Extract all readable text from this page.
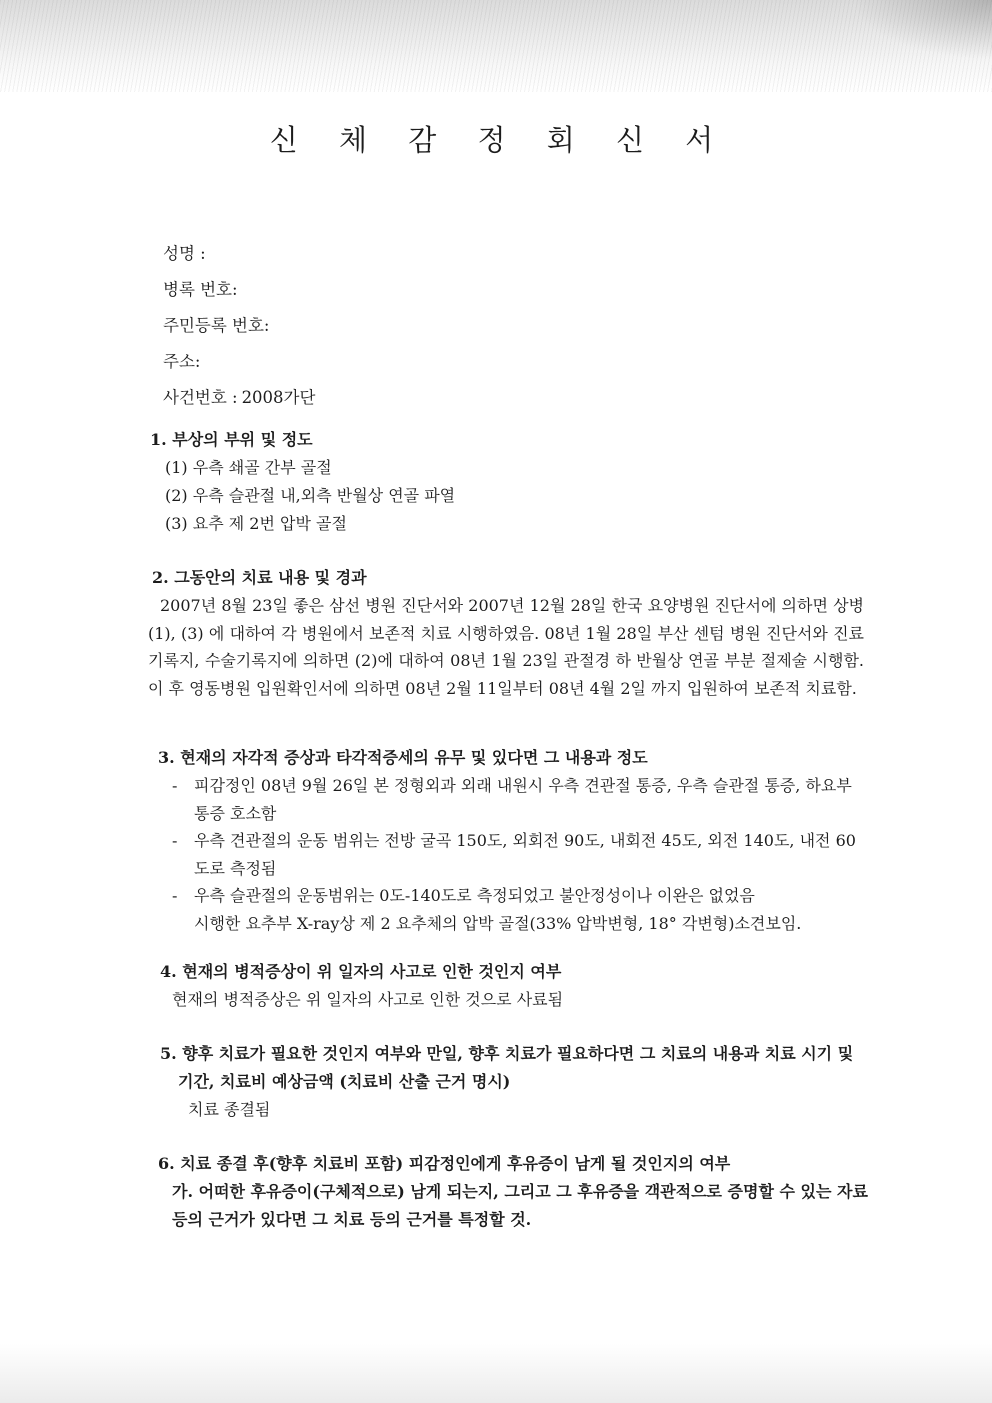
신 체 감 정 회 신 서
성명 :
병록 번호:
주민등록 번호:
주소:
사건번호 : 2008가단
1. 부상의 부위 및 정도
(1) 우측 쇄골 간부 골절
(2) 우측 슬관절 내,외측 반월상 연골 파열
(3) 요추 제 2번 압박 골절
2. 그동안의 치료 내용 및 경과
2007년 8월 23일 좋은 삼선 병원 진단서와 2007년 12월 28일 한국 요양병원 진단서에 의하면 상병 (1), (3) 에 대하여 각 병원에서 보존적 치료 시행하였음. 08년 1월 28일 부산 센텀 병원 진단서와 진료 기록지, 수술기록지에 의하면 (2)에 대하여 08년 1월 23일 관절경 하 반월상 연골 부분 절제술 시행함. 이 후 영동병원 입원확인서에 의하면 08년 2월 11일부터 08년 4월 2일 까지 입원하여 보존적 치료함.
3. 현재의 자각적 증상과 타각적증세의 유무 및 있다면 그 내용과 정도
-	피감정인 08년 9월 26일 본 정형외과 외래 내원시 우측 견관절 통증, 우측 슬관절 통증, 하요부 통증 호소함
-	우측 견관절의 운동 범위는 전방 굴곡 150도, 외회전 90도, 내회전 45도, 외전 140도, 내전 60도로 측정됨
-	우측 슬관절의 운동범위는 0도-140도로 측정되었고 불안정성이나 이완은 없었음
시행한 요추부 X-ray상 제 2 요추체의 압박 골절(33% 압박변형, 18° 각변형)소견보임.
4. 현재의 병적증상이 위 일자의 사고로 인한 것인지 여부
현재의 병적증상은 위 일자의 사고로 인한 것으로 사료됨
5. 향후 치료가 필요한 것인지 여부와 만일, 향후 치료가 필요하다면 그 치료의 내용과 치료 시기 및 기간, 치료비 예상금액 (치료비 산출 근거 명시)
치료 종결됨
6. 치료 종결 후(향후 치료비 포함) 피감정인에게 후유증이 남게 될 것인지의 여부
가. 어떠한 후유증이(구체적으로) 남게 되는지, 그리고 그 후유증을 객관적으로 증명할 수 있는 자료 등의 근거가 있다면 그 치료 등의 근거를 특정할 것.
